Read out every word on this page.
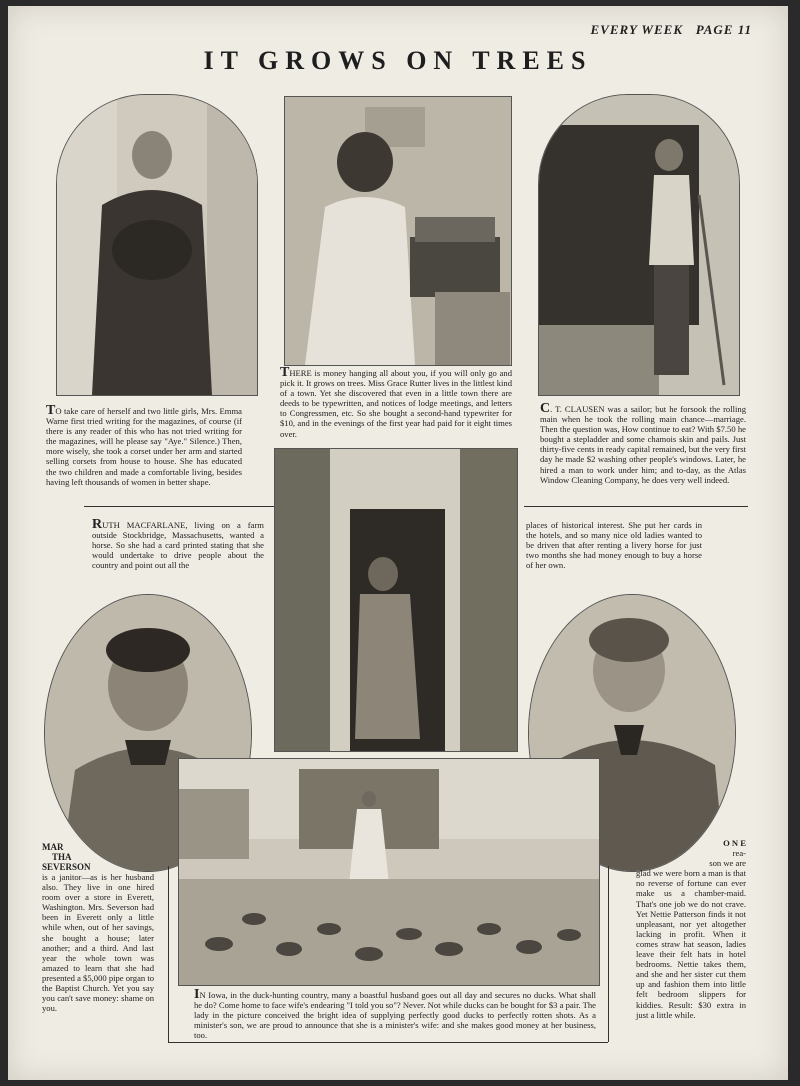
EVERY WEEK PAGE 11
IT GROWS ON TREES
TO take care of herself and two little girls, Mrs. Emma Warne first tried writing for the magazines, of course (if there is any reader of this who has not tried writing for the magazines, will he please say "Aye." Silence.) Then, more wisely, she took a corset under her arm and started selling corsets from house to house. She has educated the two children and made a comfortable living, besides having left thousands of women in better shape.
THERE is money hanging all about you, if you will only go and pick it. It grows on trees. Miss Grace Rutter lives in the littlest kind of a town. Yet she discovered that even in a little town there are deeds to be typewritten, and notices of lodge meetings, and letters to Congressmen, etc. So she bought a second-hand typewriter for $10, and in the evenings of the first year had paid for it eight times over.
C. T. CLAUSEN was a sailor; but he forsook the rolling main when he took the rolling main chance—marriage. Then the question was, How continue to eat? With $7.50 he bought a stepladder and some chamois skin and pails. Just thirty-five cents in ready capital remained, but the very first day he made $2 washing other people's windows. Later, he hired a man to work under him; and to-day, as the Atlas Window Cleaning Company, he does very well indeed.
RUTH MACFARLANE, living on a farm outside Stockbridge, Massachusetts, wanted a horse. So she had a card printed stating that she would undertake to drive people about the country and point out all the
places of historical interest. She put her cards in the hotels, and so many nice old ladies wanted to be driven that after renting a livery horse for just two months she had money enough to buy a horse of her own.
MAR
THA
SEVERSON
is a janitor—as is her husband also. They live in one hired room over a store in Everett, Washington. Mrs. Severson had been in Everett only a little while when, out of her savings, she bought a house; later another; and a third. And last year the whole town was amazed to learn that she had presented a $5,000 pipe organ to the Baptist Church. Yet you say you can't save money: shame on you.
O N E
rea-
son we are
glad we were born a man is that no reverse of fortune can ever make us a chamber-maid. That's one job we do not crave. Yet Nettie Patterson finds it not unpleasant, nor yet altogether lacking in profit. When it comes straw hat season, ladies leave their felt hats in hotel bedrooms. Nettie takes them, and she and her sister cut them up and fashion them into little felt bedroom slippers for kiddies. Result: $30 extra in just a little while.
IN Iowa, in the duck-hunting country, many a boastful husband goes out all day and secures no ducks. What shall he do? Come home to face wife's endearing "I told you so"? Never. Not while ducks can be bought for $3 a pair. The lady in the picture conceived the bright idea of supplying perfectly good ducks to perfectly rotten shots. As a minister's son, we are proud to announce that she is a minister's wife: and she makes good money at her business, too.
